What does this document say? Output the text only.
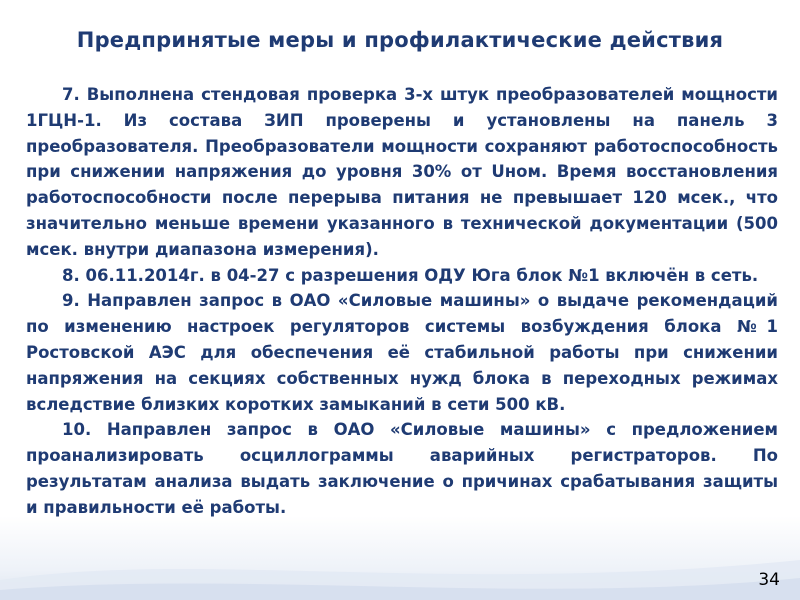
Предпринятые меры и профилактические действия

7. Выполнена стендовая проверка 3-х штук преобразователей мощности 1ГЦН-1. Из состава ЗИП проверены и установлены на панель 3 преобразователя. Преобразователи мощности сохраняют работоспособность при снижении напряжения до уровня 30% от Uном. Время восстановления работоспособности после перерыва питания не превышает 120 мсек., что значительно меньше времени указанного в технической документации (500 мсек. внутри диапазона измерения).

8. 06.11.2014г. в 04-27 с разрешения ОДУ Юга блок №1 включён в сеть.

9. Направлен запрос в ОАО «Силовые машины» о выдаче рекомендаций по изменению настроек регуляторов системы возбуждения блока №1 Ростовской АЭС для обеспечения её стабильной работы при снижении напряжения на секциях собственных нужд блока в переходных режимах вследствие близких коротких замыканий в сети 500 кВ.

10. Направлен запрос в ОАО «Силовые машины» с предложением проанализировать осциллограммы аварийных регистраторов. По результатам анализа выдать заключение о причинах срабатывания защиты и правильности её работы.

34
